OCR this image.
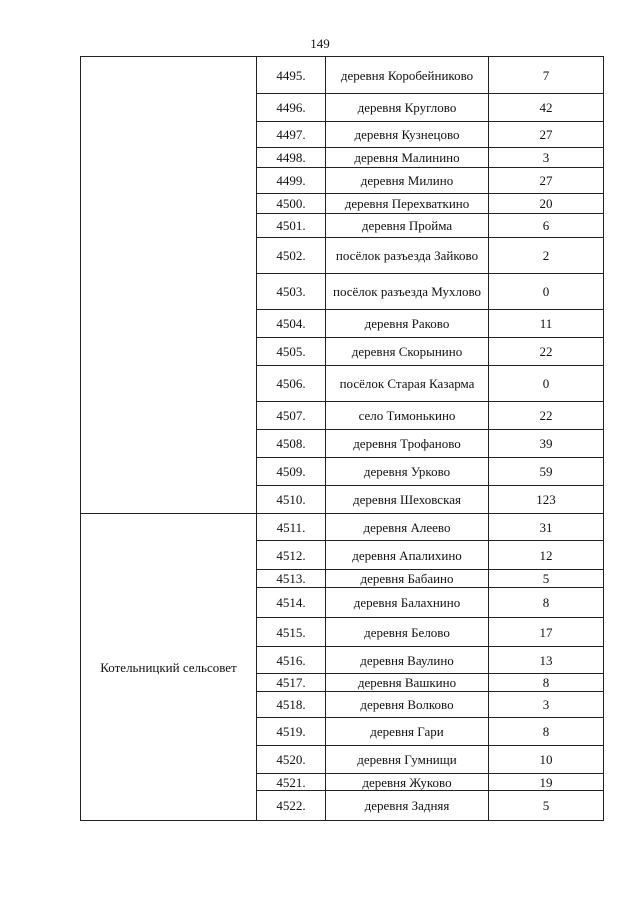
149
	4495.	деревня Коробейниково	7
	4496.	деревня Круглово	42
	4497.	деревня Кузнецово	27
	4498.	деревня Малинино	3
	4499.	деревня Милино	27
	4500.	деревня Перехваткино	20
	4501.	деревня Пройма	6
	4502.	посёлок разъезда Зайково	2
	4503.	посёлок разъезда Мухлово	0
	4504.	деревня Раково	11
	4505.	деревня Скорынино	22
	4506.	посёлок Старая Казарма	0
	4507.	село Тимонькино	22
	4508.	деревня Трофаново	39
	4509.	деревня Урково	59
	4510.	деревня Шеховская	123
Котельницкий сельсовет	4511.	деревня Алеево	31
	4512.	деревня Апалихино	12
	4513.	деревня Бабаино	5
	4514.	деревня Балахнино	8
	4515.	деревня Белово	17
	4516.	деревня Ваулино	13
	4517.	деревня Вашкино	8
	4518.	деревня Волково	3
	4519.	деревня Гари	8
	4520.	деревня Гумнищи	10
	4521.	деревня Жуково	19
	4522.	деревня Задняя	5
